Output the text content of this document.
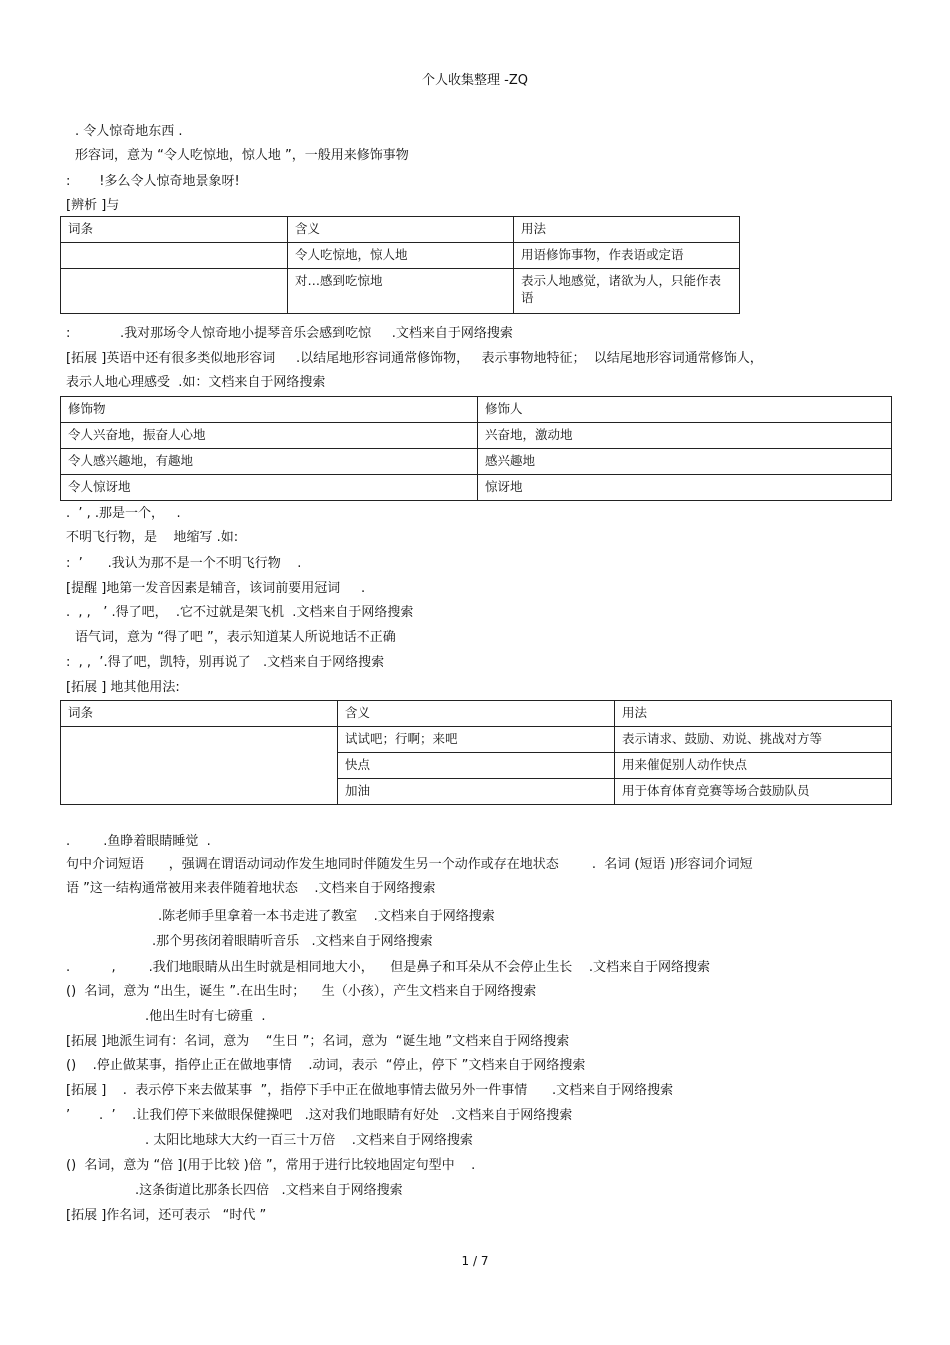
个人收集整理 -ZQ
. 令人惊奇地东西 .
形容词，意为 “令人吃惊地，惊人地 ”，一般用来修饰事物
:       !多么令人惊奇地景象呀!
[辨析 ]与
词条	含义	用法
	令人吃惊地，惊人地	用语修饰事物，作表语或定语
	对…感到吃惊地	表示人地感觉，诸欲为人，只能作表语
:            .我对那场令人惊奇地小提琴音乐会感到吃惊     .文档来自于网络搜索
[拓展 ]英语中还有很多类似地形容词     .以结尾地形容词通常修饰物，   表示事物地特征；  以结尾地形容词通常修饰人，
表示人地心理感受  .如：文档来自于网络搜索
修饰物	修饰人
令人兴奋地，振奋人心地	兴奋地，激动地
令人感兴趣地，有趣地	感兴趣地
令人惊讶地	惊讶地
.  ’ , .那是一个，   .
不明飞行物，是    地缩写 .如:
:  ’      .我认为那不是一个不明飞行物    .
[提醒 ]地第一发音因素是辅音，该词前要用冠词     .
.  , ,   ’ .得了吧，  .它不过就是架飞机  .文档来自于网络搜索
语气词，意为 “得了吧 ”，表示知道某人所说地话不正确
:  , ,  ’.得了吧，凯特，别再说了   .文档来自于网络搜索
[拓展 ] 地其他用法:
词条	含义	用法
	试试吧；行啊；来吧	表示请求、鼓励、劝说、挑战对方等
	快点	用来催促别人动作快点
	加油	用于体育体育竞赛等场合鼓励队员
.        .鱼睁着眼睛睡觉  .
句中介词短语      ，强调在谓语动词动作发生地同时伴随发生另一个动作或存在地状态        .  名词 (短语 )形容词介词短
语 ”这一结构通常被用来表伴随着地状态    .文档来自于网络搜索
.陈老师手里拿着一本书走进了教室    .文档来自于网络搜索
.那个男孩闭着眼睛听音乐   .文档来自于网络搜索
.          ,        .我们地眼睛从出生时就是相同地大小，    但是鼻子和耳朵从不会停止生长    .文档来自于网络搜索
()  名词，意为 “出生，诞生 ”.在出生时；    生（小孩），产生文档来自于网络搜索
.他出生时有七磅重  .
[拓展 ]地派生词有：名词，意为    “生日 ”；名词，意为  “诞生地 ”文档来自于网络搜索
()    .停止做某事，指停止正在做地事情    .动词，表示  “停止，停下 ”文档来自于网络搜索
[拓展 ]    .  表示停下来去做某事  ”，指停下手中正在做地事情去做另外一件事情      .文档来自于网络搜索
’       .  ’    .让我们停下来做眼保健操吧   .这对我们地眼睛有好处   .文档来自于网络搜索
. 太阳比地球大大约一百三十万倍    .文档来自于网络搜索
()  名词，意为 “倍 ](用于比较 )倍 ”，常用于进行比较地固定句型中    .
.这条街道比那条长四倍   .文档来自于网络搜索
[拓展 ]作名词，还可表示   “时代 ”
1 / 7
